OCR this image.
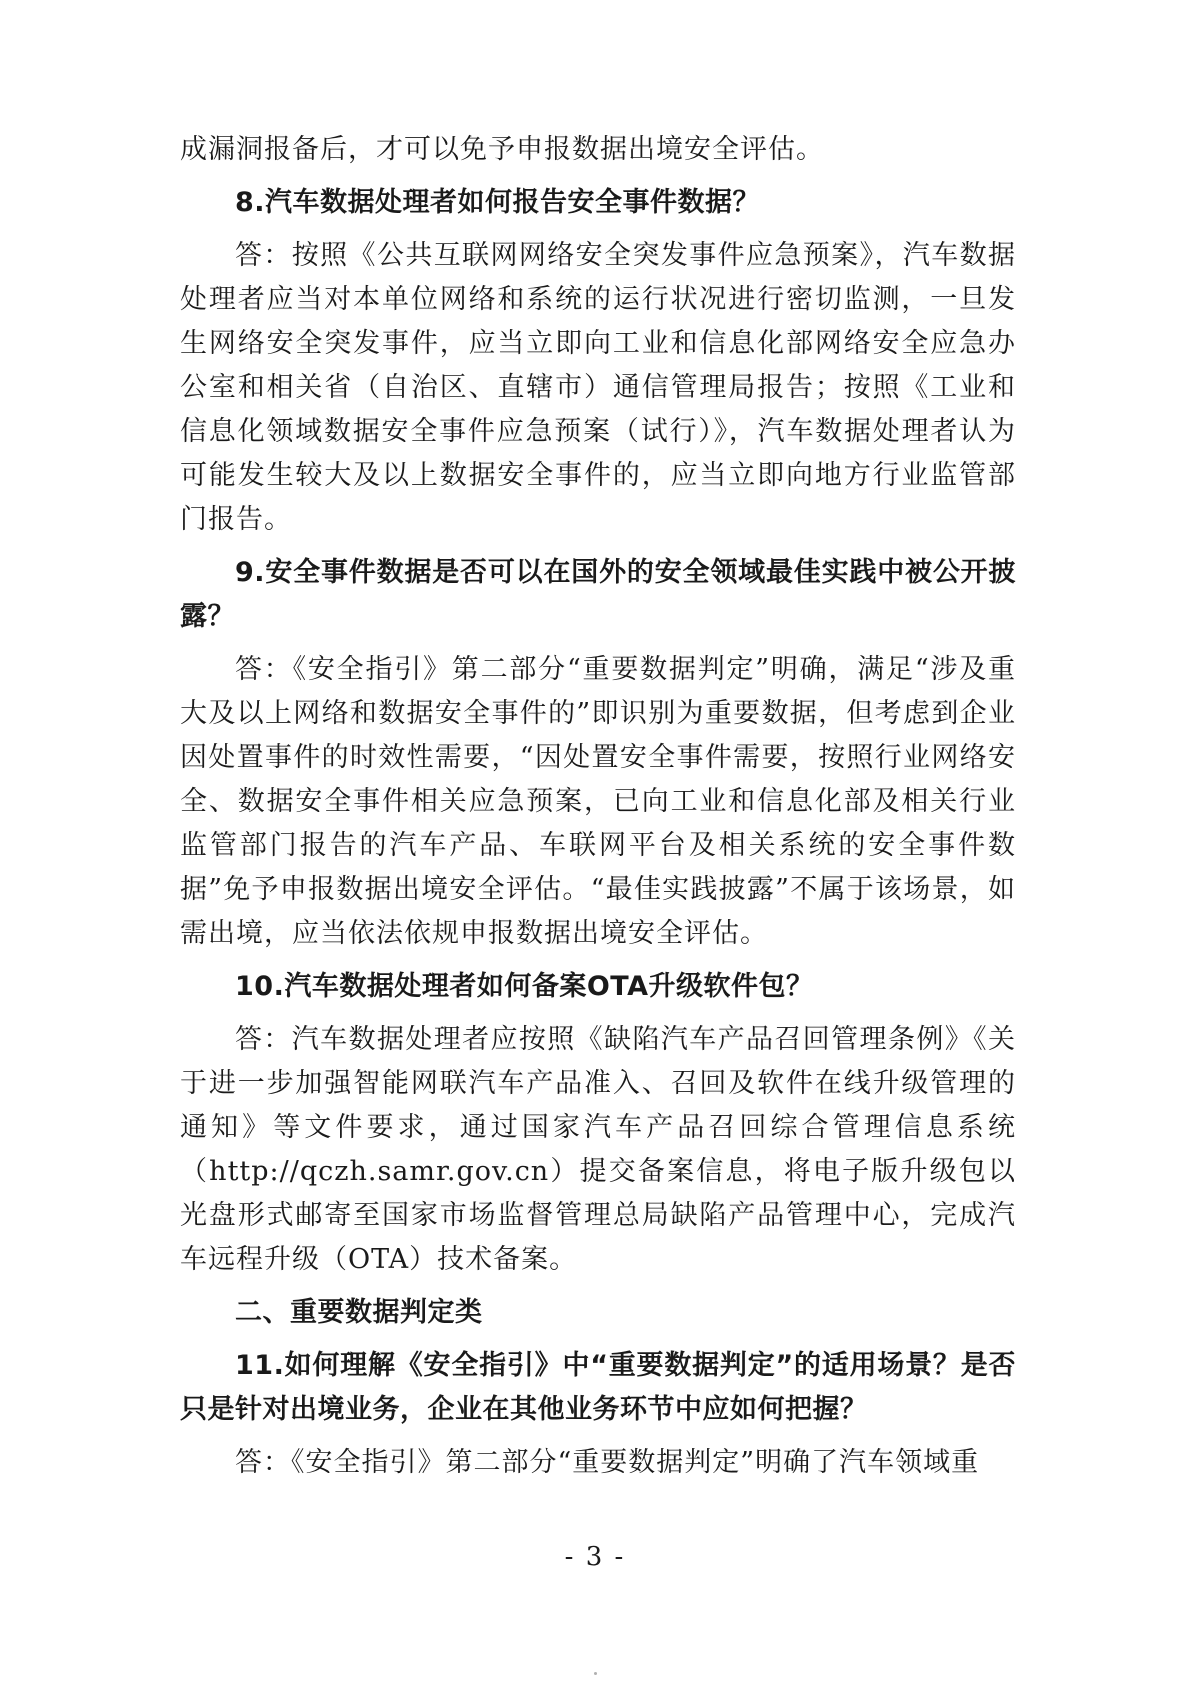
成漏洞报备后，才可以免予申报数据出境安全评估。

8.汽车数据处理者如何报告安全事件数据？

答：按照《公共互联网网络安全突发事件应急预案》，汽车数据处理者应当对本单位网络和系统的运行状况进行密切监测，一旦发生网络安全突发事件，应当立即向工业和信息化部网络安全应急办公室和相关省（自治区、直辖市）通信管理局报告；按照《工业和信息化领域数据安全事件应急预案（试行）》，汽车数据处理者认为可能发生较大及以上数据安全事件的，应当立即向地方行业监管部门报告。

9.安全事件数据是否可以在国外的安全领域最佳实践中被公开披露？

答：《安全指引》第二部分“重要数据判定”明确，满足“涉及重大及以上网络和数据安全事件的”即识别为重要数据，但考虑到企业因处置事件的时效性需要，“因处置安全事件需要，按照行业网络安全、数据安全事件相关应急预案，已向工业和信息化部及相关行业监管部门报告的汽车产品、车联网平台及相关系统的安全事件数据”免予申报数据出境安全评估。“最佳实践披露”不属于该场景，如需出境，应当依法依规申报数据出境安全评估。

10.汽车数据处理者如何备案OTA升级软件包？

答：汽车数据处理者应按照《缺陷汽车产品召回管理条例》《关于进一步加强智能网联汽车产品准入、召回及软件在线升级管理的通知》等文件要求，通过国家汽车产品召回综合管理信息系统（http://qczh.samr.gov.cn）提交备案信息，将电子版升级包以光盘形式邮寄至国家市场监督管理总局缺陷产品管理中心，完成汽车远程升级（OTA）技术备案。

二、重要数据判定类

11.如何理解《安全指引》中“重要数据判定”的适用场景？是否只是针对出境业务，企业在其他业务环节中应如何把握？

答：《安全指引》第二部分“重要数据判定”明确了汽车领域重

- 3 -
